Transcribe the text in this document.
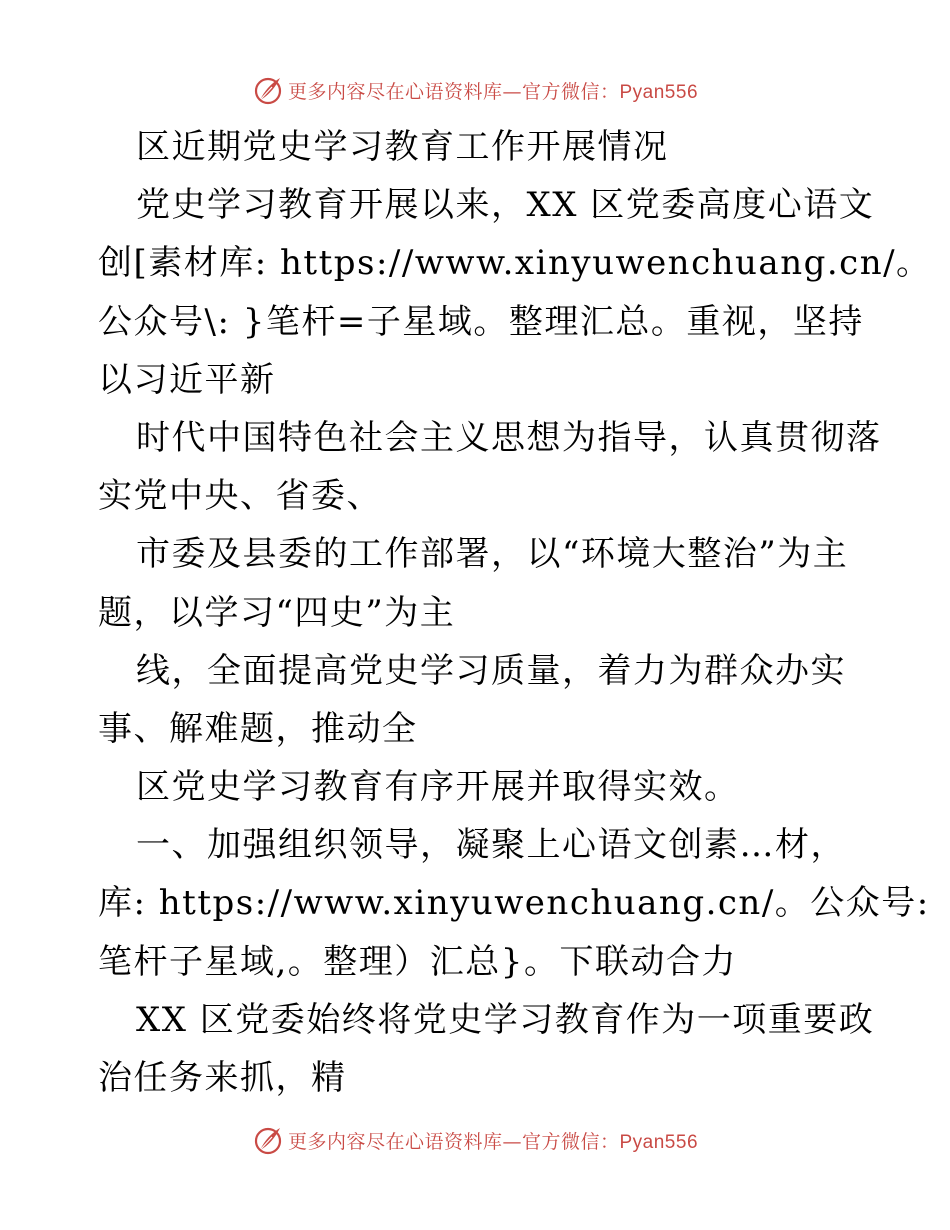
更多内容尽在心语资料库—官方微信：Pyan556
区近期党史学习教育工作开展情况
党史学习教育开展以来，XX 区党委高度心语文
创[素材库: https://www.xinyuwenchuang.cn/。
公众号\: }笔杆=子星域。整理汇总。重视，坚持
以习近平新
时代中国特色社会主义思想为指导，认真贯彻落
实党中央、省委、
市委及县委的工作部署，以“环境大整治”为主
题，以学习“四史”为主
线，全面提高党史学习质量，着力为群众办实
事、解难题，推动全
区党史学习教育有序开展并取得实效。
一、加强组织领导，凝聚上心语文创素…材，
库: https://www.xinyuwenchuang.cn/。公众号:
笔杆子星域,。整理）汇总}。下联动合力
XX 区党委始终将党史学习教育作为一项重要政
治任务来抓，精
更多内容尽在心语资料库—官方微信：Pyan556
